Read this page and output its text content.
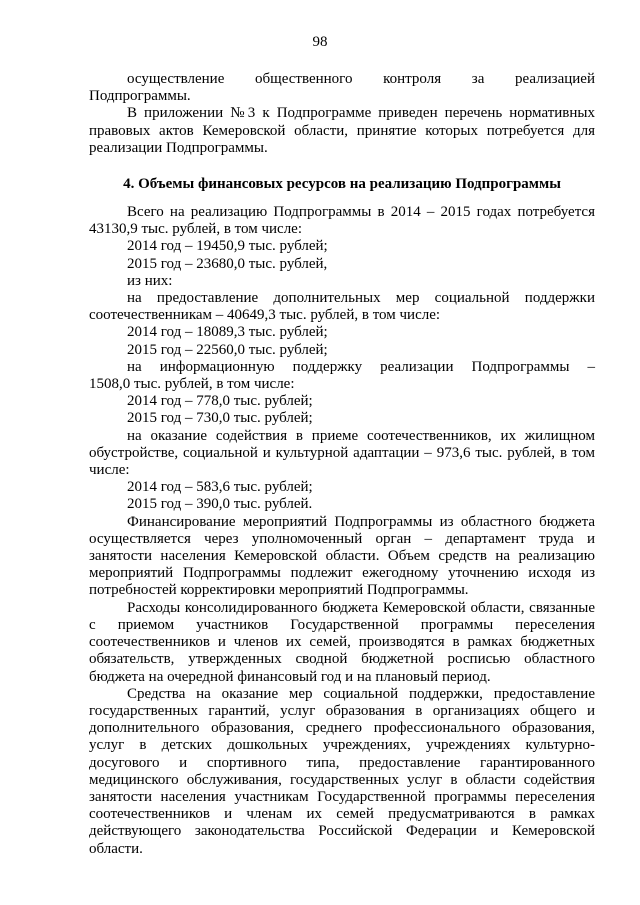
98

осуществление общественного контроля за реализацией

Подпрограммы.

В приложении №3 к Подпрограмме приведен перечень нормативных правовых актов Кемеровской области, принятие которых потребуется для реализации Подпрограммы.

4. Объемы финансовых ресурсов на реализацию Подпрограммы

Всего на реализацию Подпрограммы в 2014 – 2015 годах потребуется 43130,9 тыс. рублей, в том числе:

2014 год – 19450,9 тыс. рублей;

2015 год – 23680,0 тыс. рублей,

из них:

на предоставление дополнительных мер социальной поддержки соотечественникам – 40649,3 тыс. рублей, в том числе:

2014 год – 18089,3 тыс. рублей;

2015 год – 22560,0 тыс. рублей;

на информационную поддержку реализации Подпрограммы –

1508,0 тыс. рублей, в том числе:

2014 год – 778,0 тыс. рублей;

2015 год – 730,0 тыс. рублей;

на оказание содействия в приеме соотечественников, их жилищном обустройстве, социальной и культурной адаптации – 973,6 тыс. рублей, в том числе:

2014 год – 583,6 тыс. рублей;

2015 год – 390,0 тыс. рублей.

Финансирование мероприятий Подпрограммы из областного бюджета осуществляется через уполномоченный орган – департамент труда и занятости населения Кемеровской области. Объем средств на реализацию мероприятий Подпрограммы подлежит ежегодному уточнению исходя из потребностей корректировки мероприятий Подпрограммы.

Расходы консолидированного бюджета Кемеровской области, связанные с приемом участников Государственной программы переселения соотечественников и членов их семей, производятся в рамках бюджетных обязательств, утвержденных сводной бюджетной росписью областного бюджета на очередной финансовый год и на плановый период.

Средства на оказание мер социальной поддержки, предоставление государственных гарантий, услуг образования в организациях общего и дополнительного образования, среднего профессионального образования, услуг в детских дошкольных учреждениях, учреждениях культурно-досугового и спортивного типа, предоставление гарантированного медицинского обслуживания, государственных услуг в области содействия занятости населения участникам Государственной программы переселения соотечественников и членам их семей предусматриваются в рамках действующего законодательства Российской Федерации и Кемеровской области.
